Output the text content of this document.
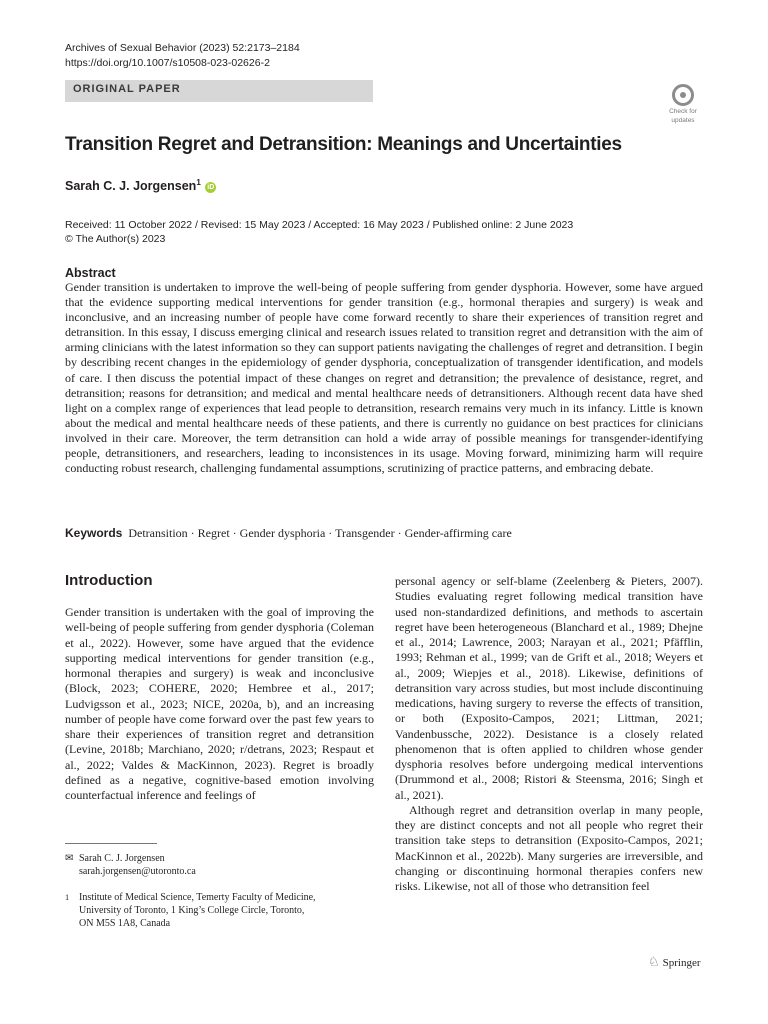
Archives of Sexual Behavior (2023) 52:2173–2184
https://doi.org/10.1007/s10508-023-02626-2
ORIGINAL PAPER
Check for
updates
Transition Regret and Detransition: Meanings and Uncertainties
Sarah C. J. Jorgensen$^1$ iD
Received: 11 October 2022 / Revised: 15 May 2023 / Accepted: 16 May 2023 / Published online: 2 June 2023
© The Author(s) 2023
Abstract
Gender transition is undertaken to improve the well-being of people suffering from gender dysphoria. However, some have argued that the evidence supporting medical interventions for gender transition (e.g., hormonal therapies and surgery) is weak and inconclusive, and an increasing number of people have come forward recently to share their experiences of transition regret and detransition. In this essay, I discuss emerging clinical and research issues related to transition regret and detransition with the aim of arming clinicians with the latest information so they can support patients navigating the challenges of regret and detransition. I begin by describing recent changes in the epidemiology of gender dysphoria, conceptualization of transgender identification, and models of care. I then discuss the potential impact of these changes on regret and detransition; the prevalence of desistance, regret, and detransition; reasons for detransition; and medical and mental healthcare needs of detransitioners. Although recent data have shed light on a complex range of experiences that lead people to detransition, research remains very much in its infancy. Little is known about the medical and mental healthcare needs of these patients, and there is currently no guidance on best practices for clinicians involved in their care. Moreover, the term detransition can hold a wide array of possible meanings for transgender-identifying people, detransitioners, and researchers, leading to inconsistences in its usage. Moving forward, minimizing harm will require conducting robust research, challenging fundamental assumptions, scrutinizing of practice patterns, and embracing debate.
Keywords Detransition · Regret · Gender dysphoria · Transgender · Gender-affirming care
Introduction
Gender transition is undertaken with the goal of improving the well-being of people suffering from gender dysphoria (Coleman et al., 2022). However, some have argued that the evidence supporting medical interventions for gender transition (e.g., hormonal therapies and surgery) is weak and inconclusive (Block, 2023; COHERE, 2020; Hembree et al., 2017; Ludvigsson et al., 2023; NICE, 2020a, b), and an increasing number of people have come forward over the past few years to share their experiences of transition regret and detransition (Levine, 2018b; Marchiano, 2020; r/detrans, 2023; Respaut et al., 2022; Valdes & MacKinnon, 2023). Regret is broadly defined as a negative, cognitive-based emotion involving counterfactual inference and feelings of
personal agency or self-blame (Zeelenberg & Pieters, 2007). Studies evaluating regret following medical transition have used non-standardized definitions, and methods to ascertain regret have been heterogeneous (Blanchard et al., 1989; Dhejne et al., 2014; Lawrence, 2003; Narayan et al., 2021; Pfäfflin, 1993; Rehman et al., 1999; van de Grift et al., 2018; Weyers et al., 2009; Wiepjes et al., 2018). Likewise, definitions of detransition vary across studies, but most include discontinuing medications, having surgery to reverse the effects of transition, or both (Exposito-Campos, 2021; Littman, 2021; Vandenbussche, 2022). Desistance is a closely related phenomenon that is often applied to children whose gender dysphoria resolves before undergoing medical interventions (Drummond et al., 2008; Ristori & Steensma, 2016; Singh et al., 2021).
Although regret and detransition overlap in many people, they are distinct concepts and not all people who regret their transition take steps to detransition (Exposito-Campos, 2021; MacKinnon et al., 2022b). Many surgeries are irreversible, and changing or discontinuing hormonal therapies confers new risks. Likewise, not all of those who detransition feel
✉ Sarah C. J. Jorgensen
sarah.jorgensen@utoronto.ca
$^1$ Institute of Medical Science, Temerty Faculty of Medicine,
University of Toronto, 1 King’s College Circle, Toronto,
ON M5S 1A8, Canada
♘ Springer
